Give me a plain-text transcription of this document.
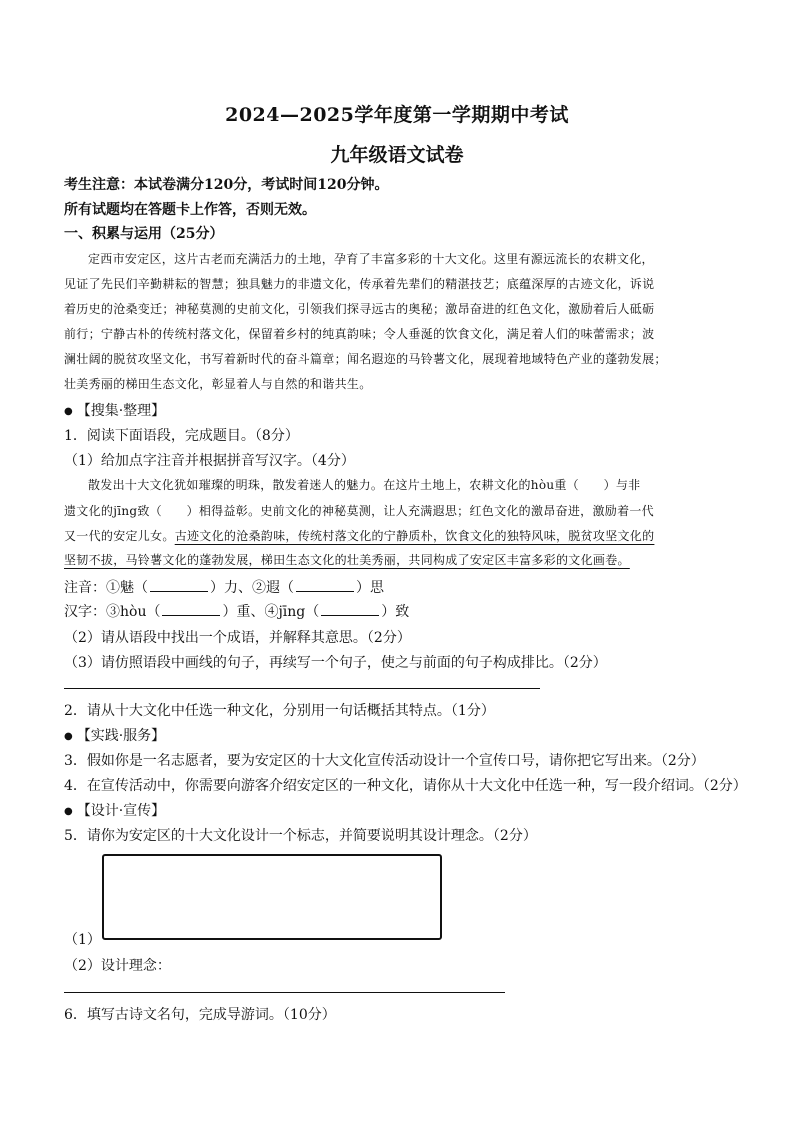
2024—2025学年度第一学期期中考试
九年级语文试卷
考生注意：本试卷满分120分，考试时间120分钟。
所有试题均在答题卡上作答，否则无效。
一、积累与运用（25分）
定西市安定区，这片古老而充满活力的土地，孕育了丰富多彩的十大文化。这里有源远流长的农耕文化，
见证了先民们辛勤耕耘的智慧；独具魅力的非遗文化，传承着先辈们的精湛技艺；底蕴深厚的古迹文化，诉说
着历史的沧桑变迁；神秘莫测的史前文化，引领我们探寻远古的奥秘；激昂奋进的红色文化，激励着后人砥砺
前行；宁静古朴的传统村落文化，保留着乡村的纯真韵味；令人垂涎的饮食文化，满足着人们的味蕾需求；波
澜壮阔的脱贫攻坚文化，书写着新时代的奋斗篇章；闻名遐迩的马铃薯文化，展现着地域特色产业的蓬勃发展；
壮美秀丽的梯田生态文化，彰显着人与自然的和谐共生。
● 【搜集·整理】
1．阅读下面语段，完成题目。（8分）
（1）给加点字注音并根据拼音写汉字。（4分）
散发出十大文化犹如璀璨的明珠，散发着迷人的魅力。在这片土地上，农耕文化的hòu重（　　）与非
遗文化的jīng致（　　）相得益彰。史前文化的神秘莫测，让人充满遐思；红色文化的激昂奋进，激励着一代
又一代的安定儿女。古迹文化的沧桑韵味，传统村落文化的宁静质朴，饮食文化的独特风味，脱贫攻坚文化的
坚韧不拔，马铃薯文化的蓬勃发展，梯田生态文化的壮美秀丽，共同构成了安定区丰富多彩的文化画卷。
注音：①魅（	）力、②遐（	）思
汉字：③hòu（	）重、④jīng（	）致
（2）请从语段中找出一个成语，并解释其意思。（2分）
（3）请仿照语段中画线的句子，再续写一个句子，使之与前面的句子构成排比。（2分）
2．请从十大文化中任选一种文化，分别用一句话概括其特点。（1分）
● 【实践·服务】
3．假如你是一名志愿者，要为安定区的十大文化宣传活动设计一个宣传口号，请你把它写出来。（2分）
4．在宣传活动中，你需要向游客介绍安定区的一种文化，请你从十大文化中任选一种，写一段介绍词。（2分）
● 【设计·宣传】
5．请你为安定区的十大文化设计一个标志，并简要说明其设计理念。（2分）
（1）
（2）设计理念：
6．填写古诗文名句，完成导游词。（10分）
